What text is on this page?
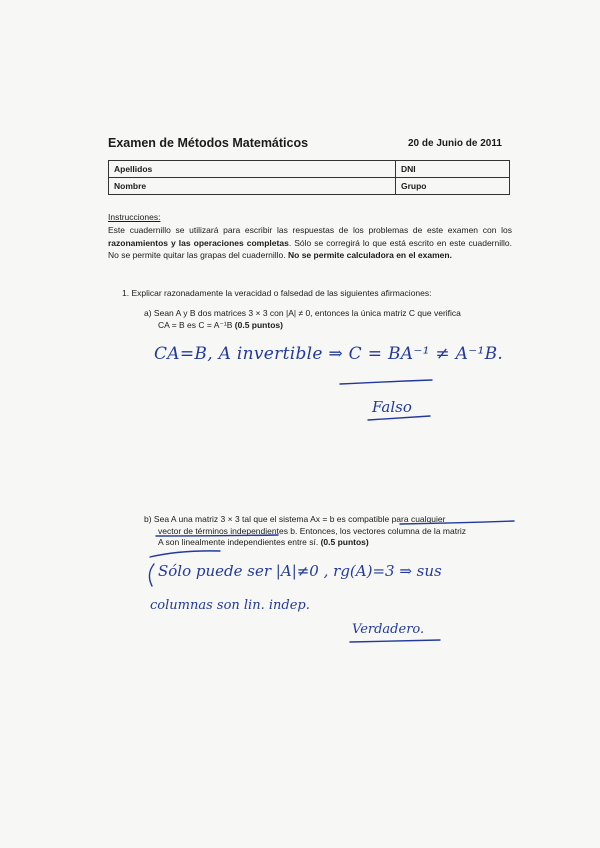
Examen de Métodos Matemáticos	20 de Junio de 2011
Apellidos	DNI
Nombre	Grupo
Instrucciones:
Este cuadernillo se utilizará para escribir las respuestas de los problemas de este examen con los razonamientos y las operaciones completas. Sólo se corregirá lo que está escrito en este cuadernillo. No se permite quitar las grapas del cuadernillo. No se permite calculadora en el examen.
1. Explicar razonadamente la veracidad o falsedad de las siguientes afirmaciones:
a) Sean A y B dos matrices 3 × 3 con |A| ≠ 0, entonces la única matriz C que verifica
CA = B es C = A⁻¹B (0.5 puntos)
b) Sea A una matriz 3 × 3 tal que el sistema Ax = b es compatible para cualquier
vector de términos independientes b. Entonces, los vectores columna de la matriz
A son linealmente independientes entre sí. (0.5 puntos)
CA=B, A invertible ⇒ C = BA⁻¹ ≠ A⁻¹B.
Falso
Sólo puede ser |A|≠0 , rg(A)=3 ⇒ sus
columnas son lin. indep.
Verdadero.
